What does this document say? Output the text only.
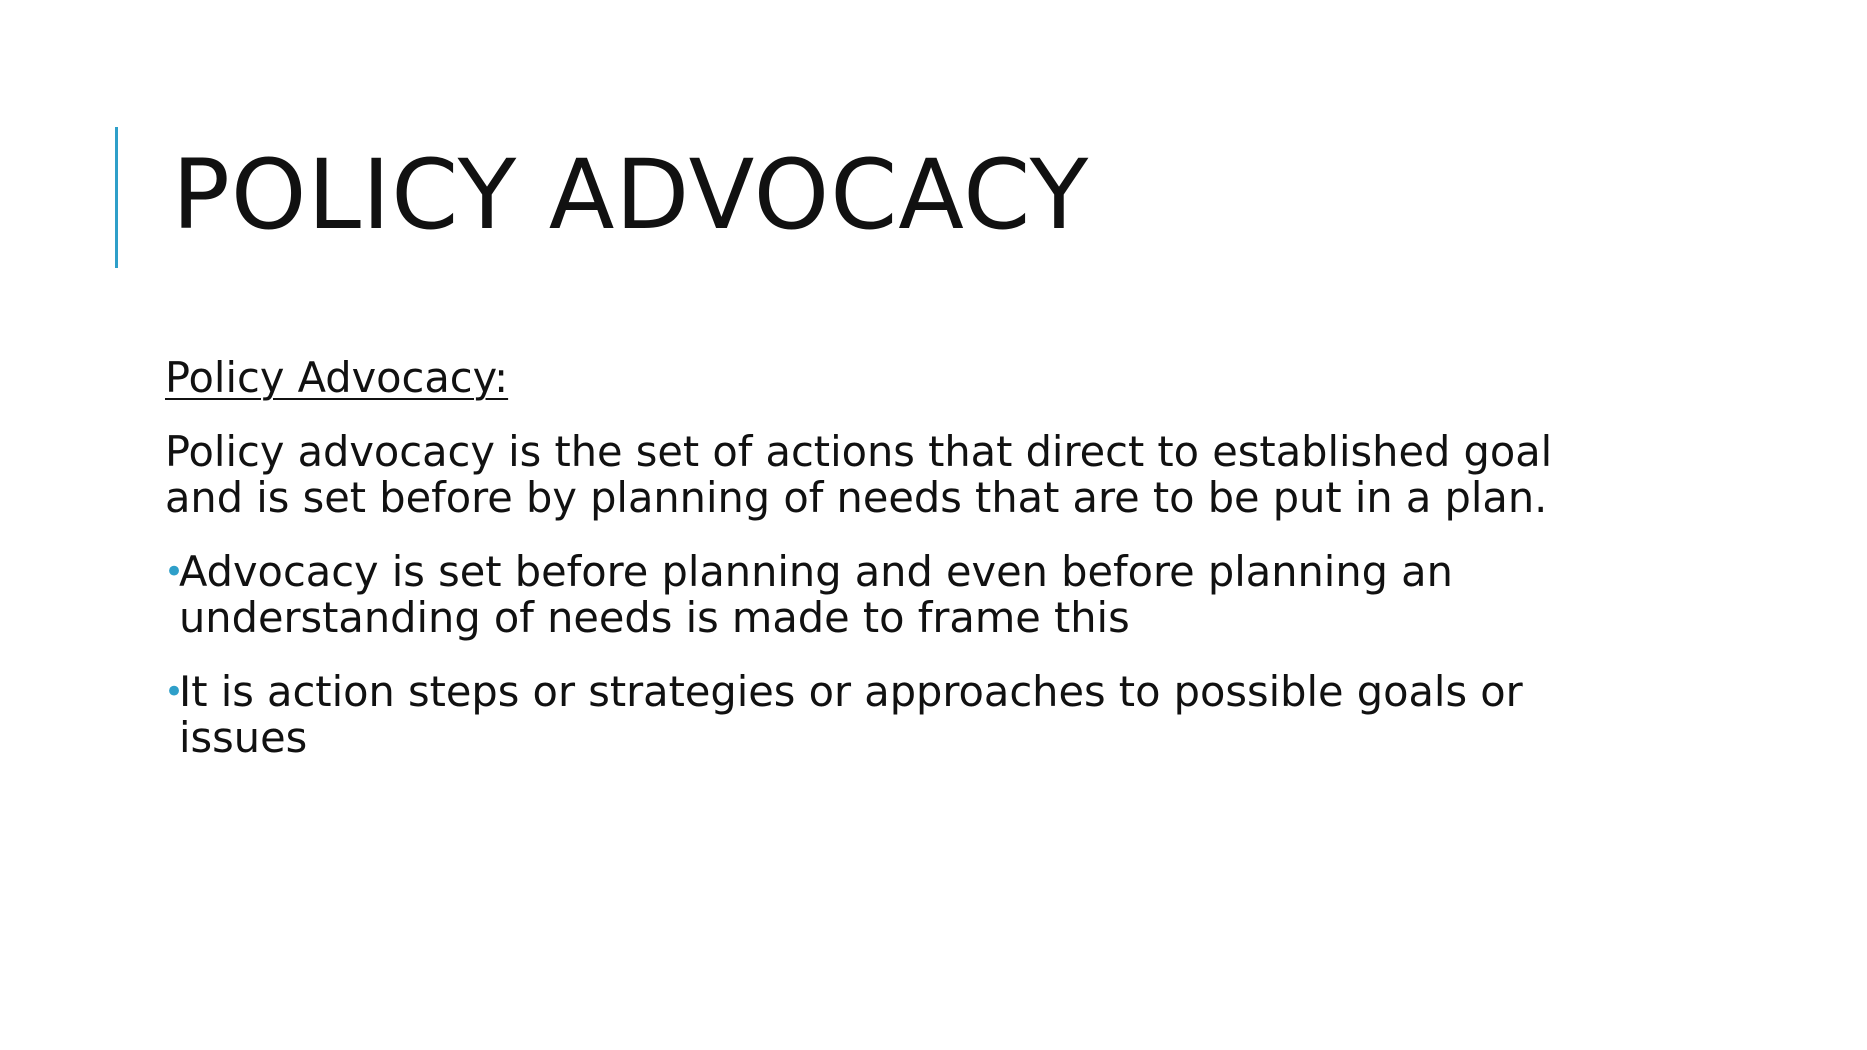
POLICY ADVOCACY

Policy Advocacy:

Policy advocacy is the set of actions that direct to established goal
and is set before by planning of needs that are to be put in a plan.

•
Advocacy is set before planning and even before planning an
understanding of needs is made to frame this
•
It is action steps or strategies or approaches to possible goals or
issues
